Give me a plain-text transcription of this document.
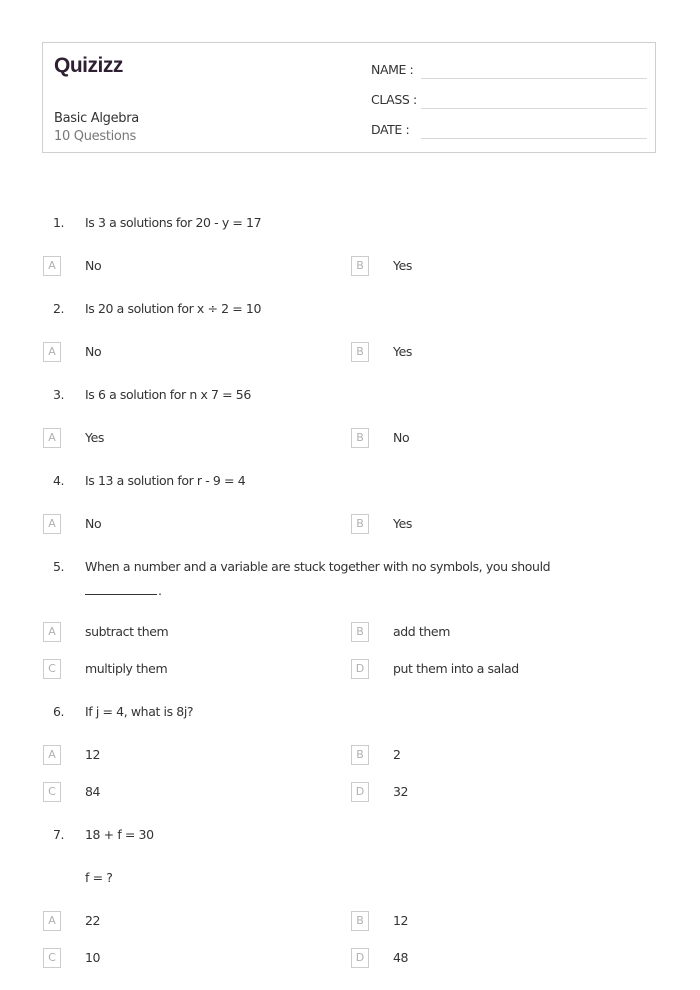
Quizizz
Basic Algebra
10 Questions
NAME :
CLASS :
DATE :
1. Is 3 a solutions for 20 - y = 17
A	No	B	Yes
2. Is 20 a solution for x ÷ 2 = 10
A	No	B	Yes
3. Is 6 a solution for n x 7 = 56
A	Yes	B	No
4. Is 13 a solution for r - 9 = 4
A	No	B	Yes
5. When a number and a variable are stuck together with no symbols, you should
.
A	subtract them	B	add them
C	multiply them	D	put them into a salad
6. If j = 4, what is 8j?
A	12	B	2
C	84	D	32
7. 18 + f = 30
f = ?
A	22	B	12
C	10	D	48
